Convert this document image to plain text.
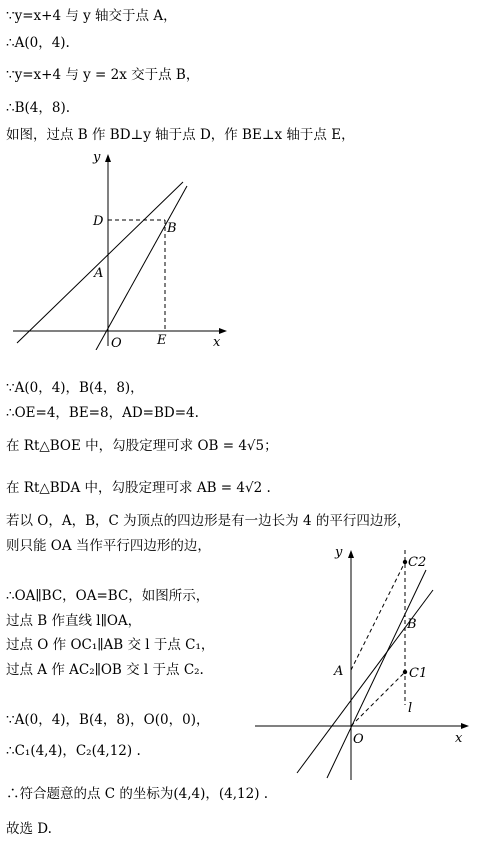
∵y=x+4 与 y 轴交于点 A，
∴A(0，4).
∵y=x+4 与 y = 2x 交于点 B，
∴B(4，8).
如图，过点 B 作 BD⊥y 轴于点 D，作 BE⊥x 轴于点 E，
y
D	B
A
O	E	x
∵A(0，4)，B(4，8)，
∴OE=4，BE=8，AD=BD=4.
在 Rt△BOE 中，勾股定理可求 OB = 4√5；
在 Rt△BDA 中，勾股定理可求 AB = 4√2 .
若以 O，A，B，C 为顶点的四边形是有一边长为 4 的平行四边形，
则只能 OA 当作平行四边形的边，
∴OA∥BC，OA=BC，如图所示，
过点 B 作直线 l∥OA，
过点 O 作 OC₁∥AB 交 l 于点 C₁，
过点 A 作 AC₂∥OB 交 l 于点 C₂.
∵A(0，4)，B(4，8)，O(0，0)，
∴C₁(4,4)，C₂(4,12) .
∴符合题意的点 C 的坐标为(4,4)，(4,12) .
故选 D.
y
C2
B
A	C1
l
O	x
